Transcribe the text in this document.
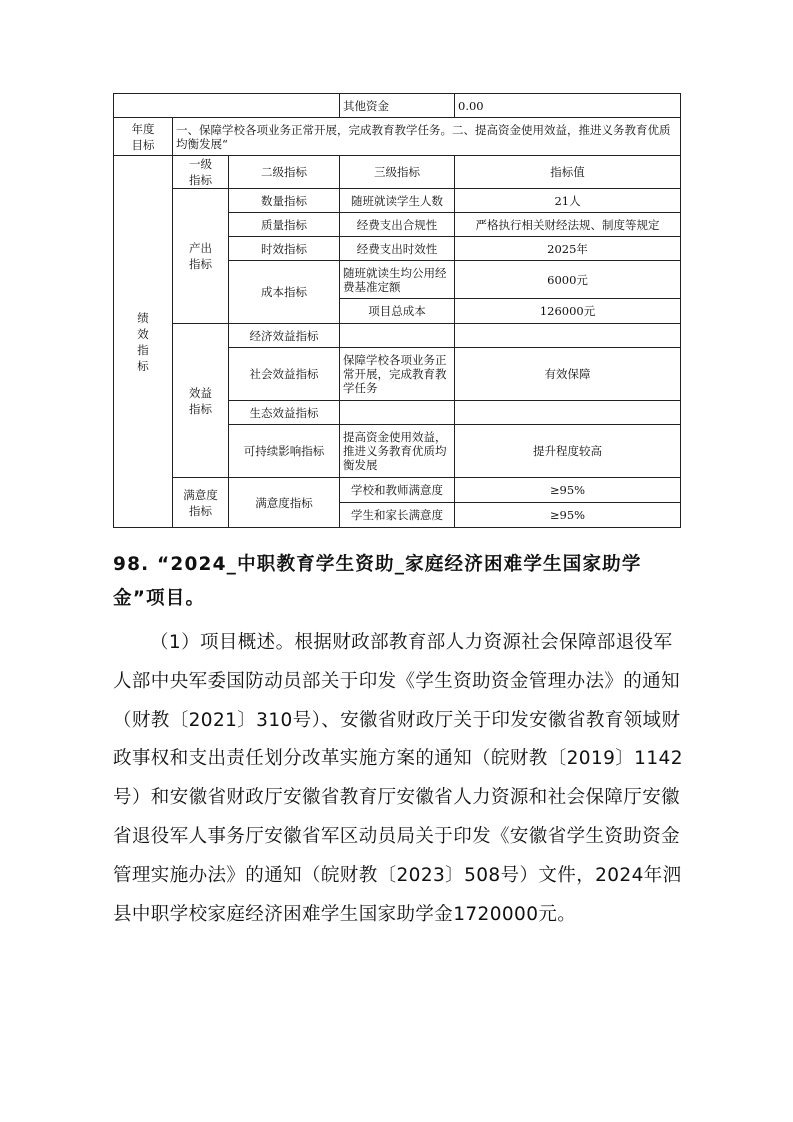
			其他资金	0.00
年度目标	一、保障学校各项业务正常开展，完成教育教学任务。二、提高资金使用效益，推进义务教育优质均衡发展“			
绩效指标	一级指标	二级指标	三级指标	指标值
	产出指标	数量指标	随班就读学生人数	21人
		质量指标	经费支出合规性	严格执行相关财经法规、制度等规定
		时效指标	经费支出时效性	2025年
		成本指标	随班就读生均公用经费基准定额	6000元
			项目总成本	126000元
	效益指标	经济效益指标		
		社会效益指标	保障学校各项业务正常开展，完成教育教学任务	有效保障
		生态效益指标		
		可持续影响指标	提高资金使用效益，推进义务教育优质均衡发展	提升程度较高
	满意度指标	满意度指标	学校和教师满意度	≥95%
			学生和家长满意度	≥95%
98. “2024_中职教育学生资助_家庭经济困难学生国家助学金”项目。
（1）项目概述。根据财政部教育部人力资源社会保障部退役军人部中央军委国防动员部关于印发《学生资助资金管理办法》的通知（财教〔2021〕310号）、安徽省财政厅关于印发安徽省教育领域财政事权和支出责任划分改革实施方案的通知（皖财教〔2019〕1142号）和安徽省财政厅安徽省教育厅安徽省人力资源和社会保障厅安徽省退役军人事务厅安徽省军区动员局关于印发《安徽省学生资助资金管理实施办法》的通知（皖财教〔2023〕508号）文件，2024年泗县中职学校家庭经济困难学生国家助学金1720000元。
